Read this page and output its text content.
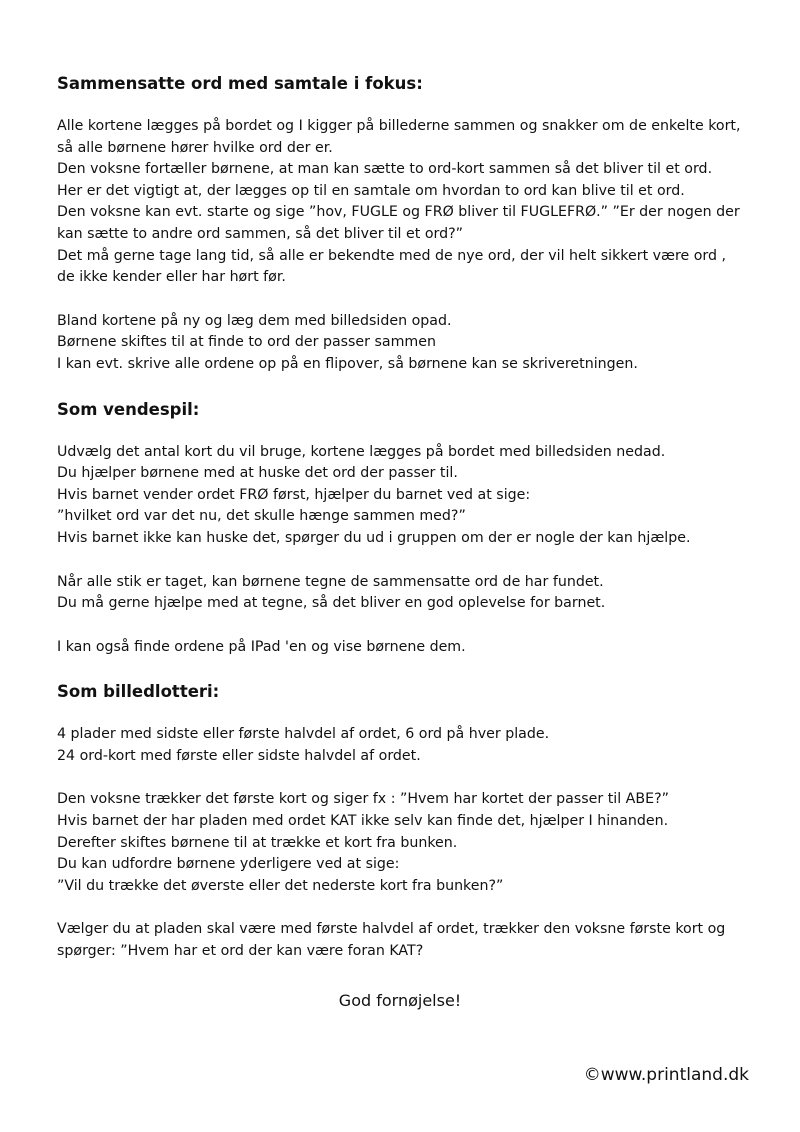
Sammensatte ord med samtale i fokus:
Alle kortene lægges på bordet og I kigger på billederne sammen og snakker om de enkelte kort,
så alle børnene hører hvilke ord der er.
Den voksne fortæller børnene, at man kan sætte to ord-kort sammen så det bliver til et ord.
Her er det vigtigt at, der lægges op til en samtale om hvordan to ord kan blive til et ord.
Den voksne kan evt. starte og sige ”hov, FUGLE og FRØ bliver til FUGLEFRØ.” ”Er der nogen der
kan sætte to andre ord sammen, så det bliver til et ord?”
Det må gerne tage lang tid, så alle er bekendte med de nye ord, der vil helt sikkert være ord ,
de ikke kender eller har hørt før.
Bland kortene på ny og læg dem med billedsiden opad.
Børnene skiftes til at finde to ord der passer sammen
I kan evt. skrive alle ordene op på en flipover, så børnene kan se skriveretningen.
Som vendespil:
Udvælg det antal kort du vil bruge, kortene lægges på bordet med billedsiden nedad.
Du hjælper børnene med at huske det ord der passer til.
Hvis barnet vender ordet FRØ først, hjælper du barnet ved at sige:
”hvilket ord var det nu, det skulle hænge sammen med?”
Hvis barnet ikke kan huske det, spørger du ud i gruppen om der er nogle der kan hjælpe.
Når alle stik er taget, kan børnene tegne de sammensatte ord de har fundet.
Du må gerne hjælpe med at tegne, så det bliver en god oplevelse for barnet.
I kan også finde ordene på IPad 'en og vise børnene dem.
Som billedlotteri:
4 plader med sidste eller første halvdel af ordet, 6 ord på hver plade.
24 ord-kort med første eller sidste halvdel af ordet.
Den voksne trækker det første kort og siger fx : ”Hvem har kortet der passer til ABE?”
Hvis barnet der har pladen med ordet KAT ikke selv kan finde det, hjælper I hinanden.
Derefter skiftes børnene til at trække et kort fra bunken.
Du kan udfordre børnene yderligere ved at sige:
”Vil du trække det øverste eller det nederste kort fra bunken?”
Vælger du at pladen skal være med første halvdel af ordet, trækker den voksne første kort og
spørger: ”Hvem har et ord der kan være foran KAT?
God fornøjelse!
©www.printland.dk
